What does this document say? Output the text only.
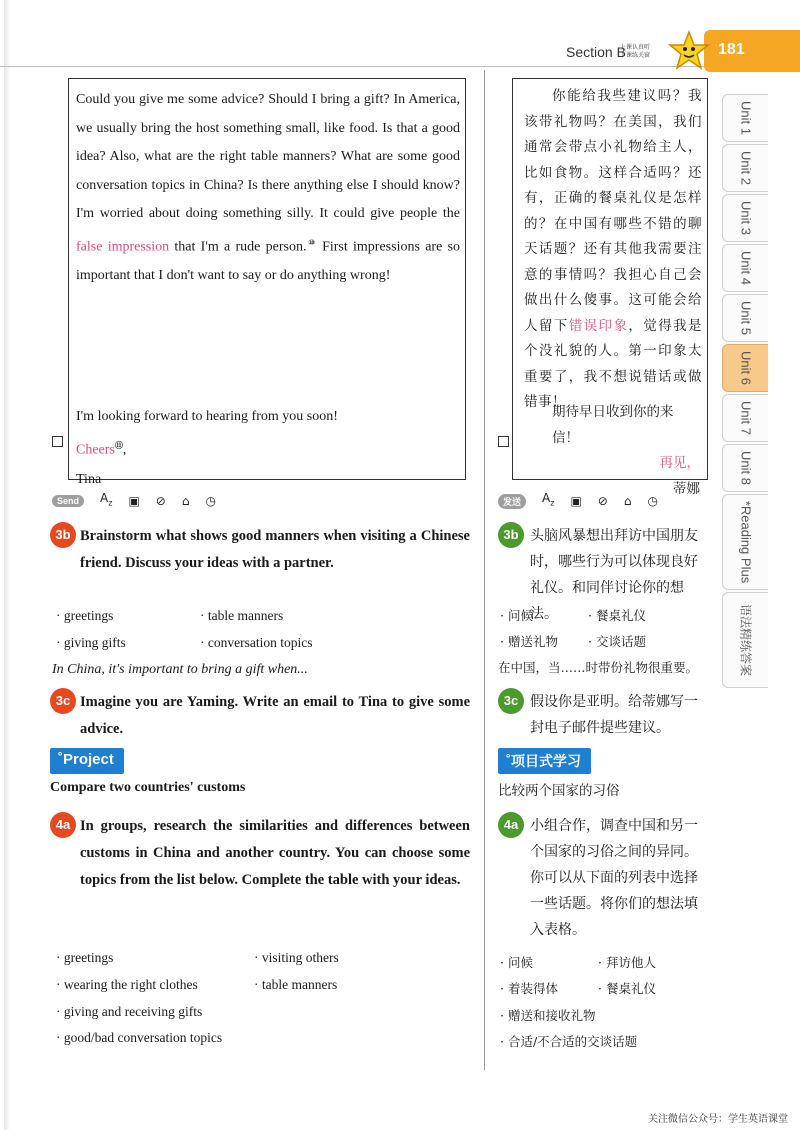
Section B
上课认真听
下课练关窗	181
Could you give me some advice? Should I bring a gift? In America, we usually bring the host something small, like food. Is that a good idea? Also, what are the right table manners? What are some good conversation topics in China? Is there anything else I should know? I'm worried about doing something silly. It could give people the false impression that I'm a rude person.⑩ First impressions are so important that I don't want to say or do anything wrong!
I'm looking forward to hearing from you soon!
Cheers⑪,
Tina
你能给我些建议吗？我该带礼物吗？在美国，我们通常会带点小礼物给主人，比如食物。这样合适吗？还有，正确的餐桌礼仪是怎样的？在中国有哪些不错的聊天话题？还有其他我需要注意的事情吗？我担心自己会做出什么傻事。这可能会给人留下错误印象，觉得我是个没礼貌的人。第一印象太重要了，我不想说错话或做错事！
期待早日收到你的来信！
再见，
蒂娜
Send	$A_z$ ▣ ⊘ ⌂ ◷	发送	$A_z$ ▣ ⊘ ⌂ ◷
3b Brainstorm what shows good manners when visiting a Chinese friend. Discuss your ideas with a partner.
3b 头脑风暴想出拜访中国朋友时，哪些行为可以体现良好礼仪。和同伴讨论你的想法。
· greetings	· table manners
· giving gifts	· conversation topics
In China, it's important to bring a gift when...
· 问候	· 餐桌礼仪
· 赠送礼物 · 交谈话题
在中国，当……时带份礼物很重要。
3c Imagine you are Yaming. Write an email to Tina to give some advice.
3c 假设你是亚明。给蒂娜写一封电子邮件提些建议。
˚Project
Compare two countries' customs
˚项目式学习
比较两个国家的习俗
4a In groups, research the similarities and differences between customs in China and another country. You can choose some topics from the list below. Complete the table with your ideas.
4a 小组合作，调查中国和另一个国家的习俗之间的异同。你可以从下面的列表中选择一些话题。将你们的想法填入表格。
· greetings	· visiting others
· wearing the right clothes	· table manners
· giving and receiving gifts
· good/bad conversation topics
· 问候	· 拜访他人
· 着装得体	· 餐桌礼仪
· 赠送和接收礼物
· 合适/不合适的交谈话题
Unit 1
Unit 2
Unit 3
Unit 4
Unit 5
Unit 6
Unit 7
Unit 8
*Reading Plus
语法精练答案
关注微信公众号：学生英语课堂
